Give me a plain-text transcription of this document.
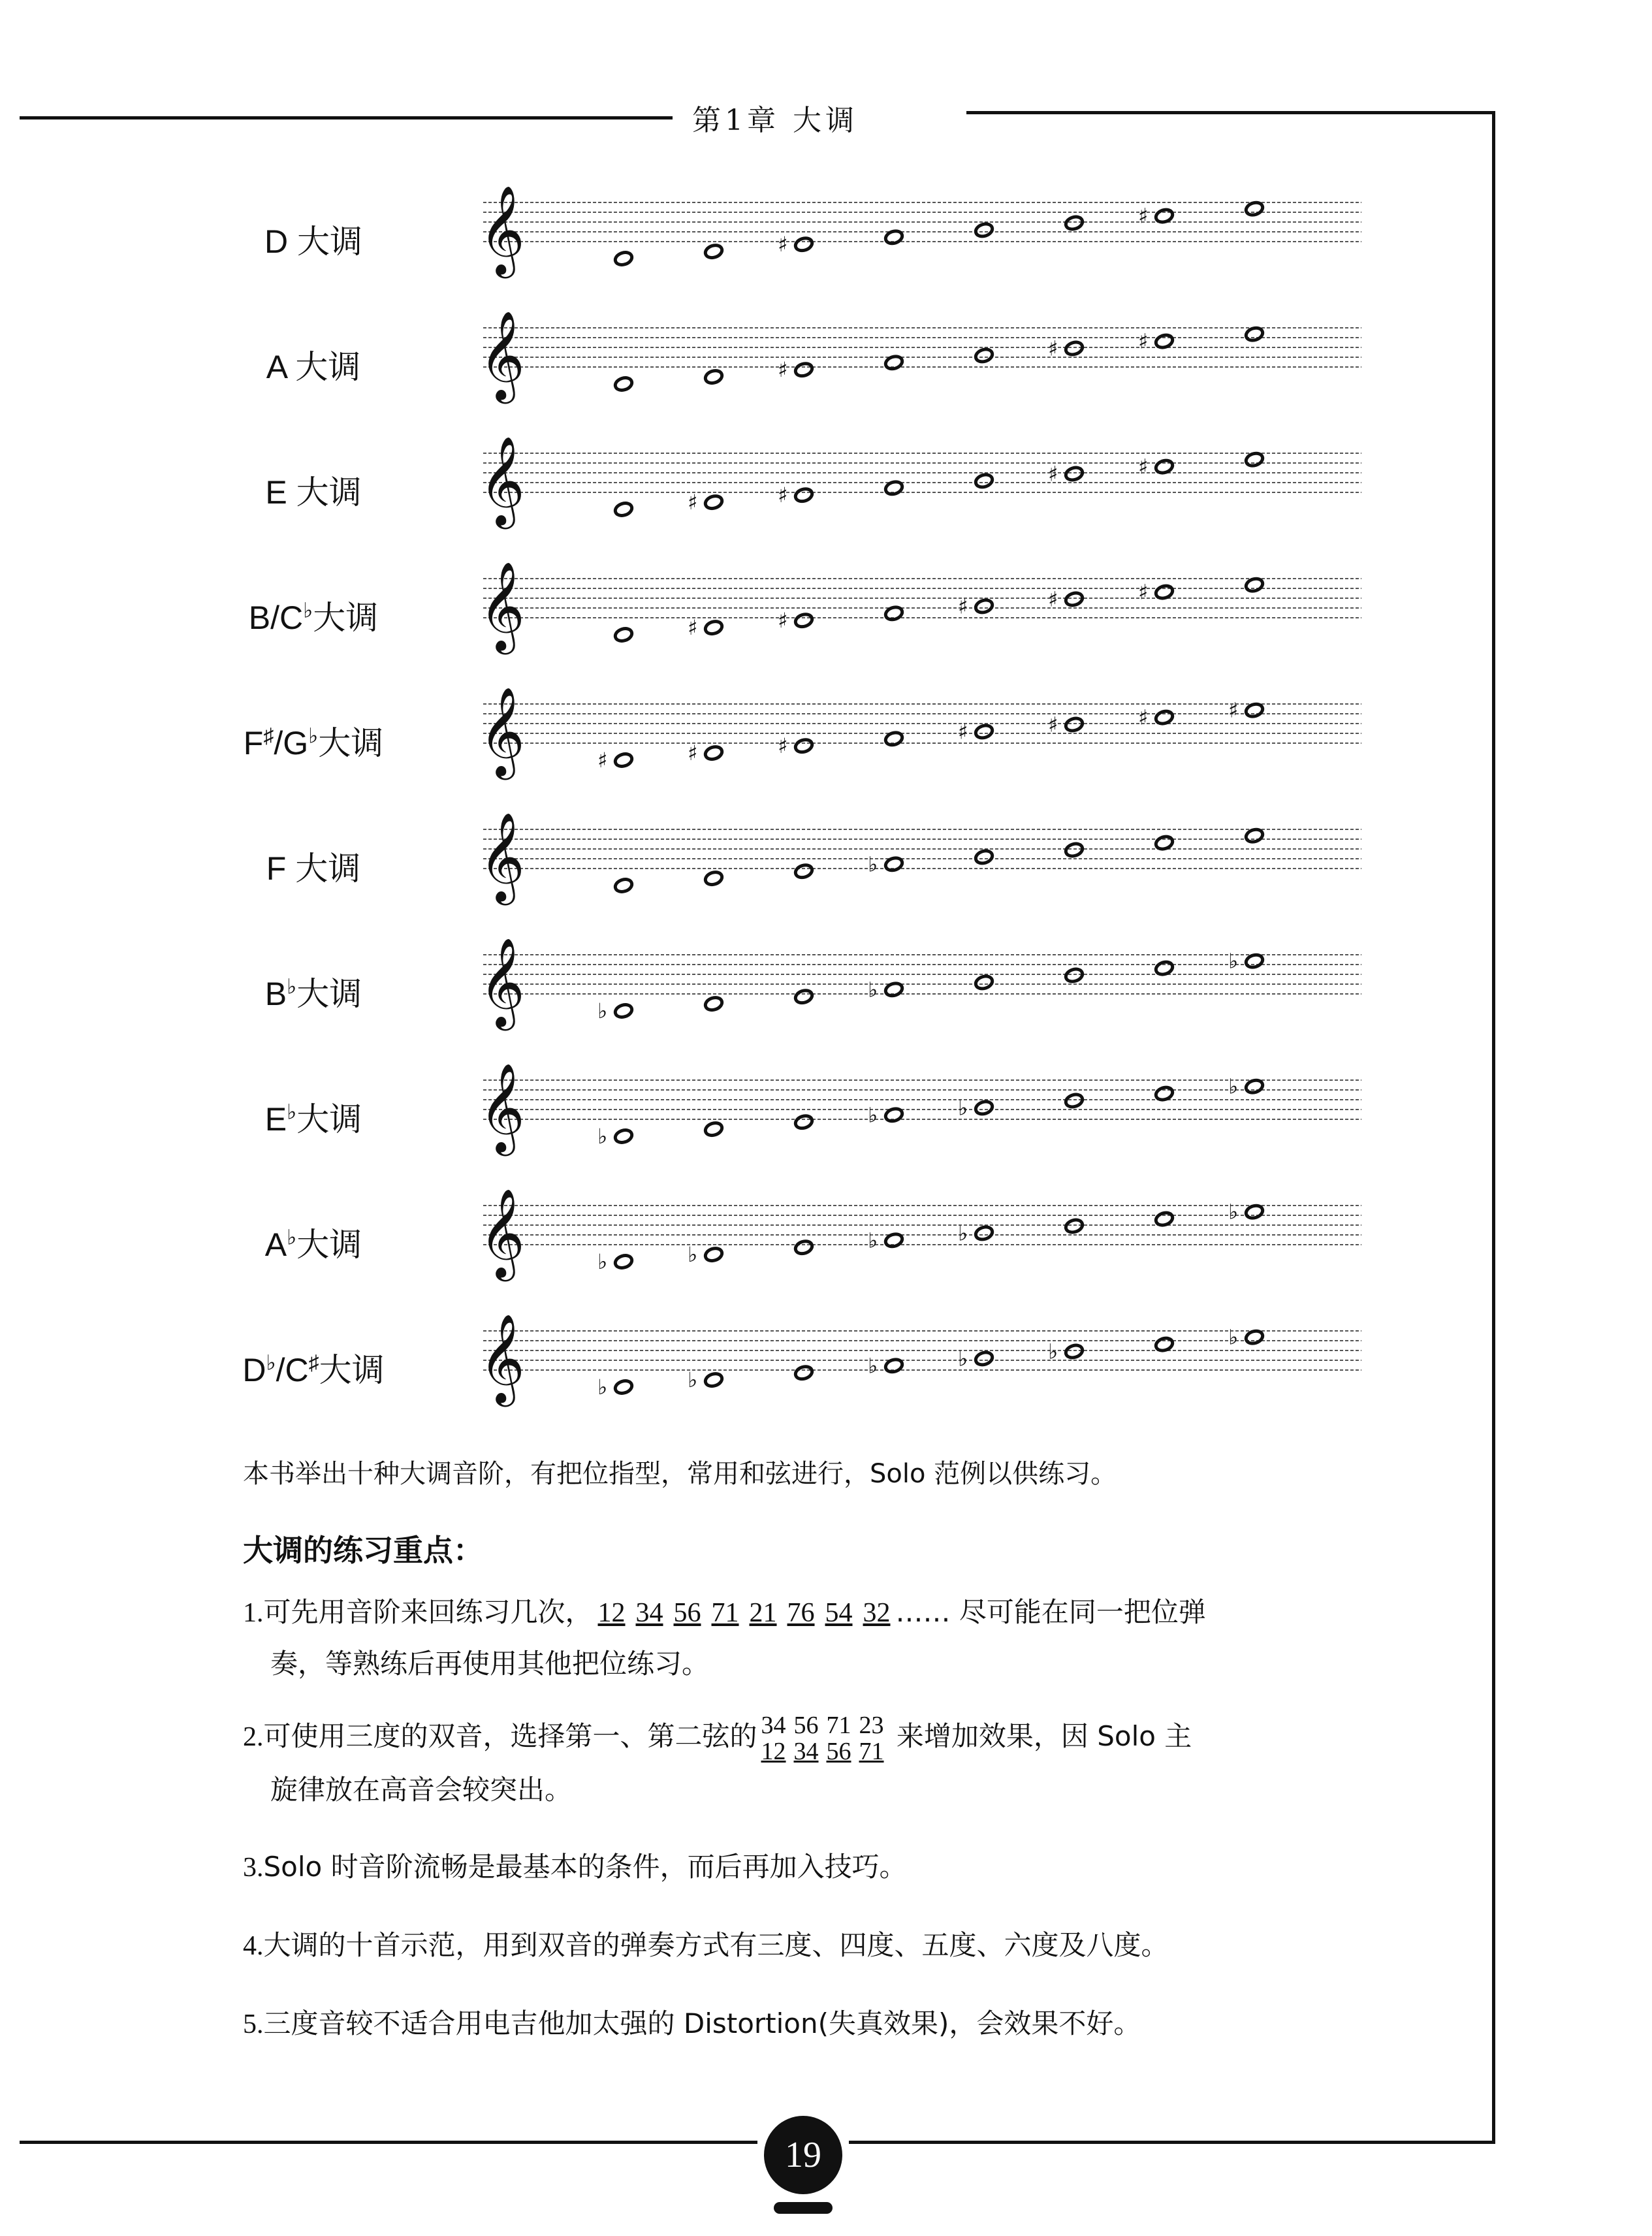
第1章 大调
D 大调
A 大调
E 大调
B/C♭大调
F♯/G♭大调
F 大调
B♭大调
E♭大调
A♭大调
D♭/C♯大调
𝄞	♯
♯
𝄞	♯
♯	♯
𝄞	♯	♯
♯	♯
𝄞	♯	♯
♯	♯	♯
𝄞	♯	♯	♯
♯	♯	♯	♯
𝄞	♭
𝄞	♭
♭
♭
𝄞	♭
♭	♭
♭
𝄞	♭	♭
♭	♭
♭
𝄞	♭	♭
♭	♭	♭
♭
本书举出十种大调音阶，有把位指型，常用和弦进行，Solo 范例以供练习。
大调的练习重点：
1.可先用音阶来回练习几次， 12 34 56 71 21 76 54 32 …… 尽可能在同一把位弹
奏，等熟练后再使用其他把位练习。
2.可使用三度的双音，选择第一、第二弦的 34
12
56
34
71
56
23
71 来增加效果，因 Solo 主
旋律放在高音会较突出。
3.Solo 时音阶流畅是最基本的条件，而后再加入技巧。
4.大调的十首示范，用到双音的弹奏方式有三度、四度、五度、六度及八度。
5.三度音较不适合用电吉他加太强的 Distortion(失真效果)，会效果不好。
19
